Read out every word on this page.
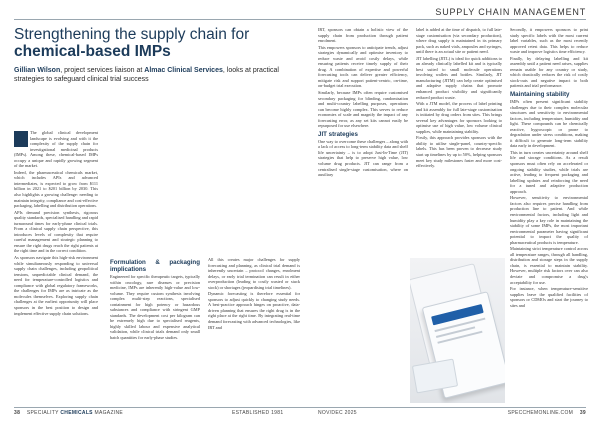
SUPPLY CHAIN MANAGEMENT
Strengthening the supply chain for
chemical-based IMPs
Gillian Wilson, project services liaison at Almac Clinical Services, looks at practical strategies to safeguard clinical trial success

The global clinical development landscape is evolving and with it the complexity of the supply chain for investigational medicinal products (IMPs). Among these, chemical-based IMPs occupy a unique and rapidly growing segment of the market.

Indeed, the pharmaceutical chemicals market, which includes APIs and advanced intermediates, is expected to grow from $111 billion in 2021 to $201 billion by 2030. This also highlights a growing challenge: needing to maintain integrity, compliance and cost-effective packaging, labelling and distribution operations.

APIs demand precision synthesis, rigorous quality standards, specialised handling and rapid turnaround times for early-phase clinical trials. From a clinical supply chain perspective, this introduces levels of complexity that require careful management and strategic planning to ensure the right drugs reach the right patients at the right time and in the correct condition.

As sponsors navigate this high-risk environment while simultaneously responding to universal supply chain challenges, including geopolitical tensions, unpredictable clinical demand, the need for temperature-controlled logistics and compliance with global regulatory frameworks, the challenges for IMPs are as intricate as the molecules themselves. Exploring supply chain challenges at the earliest opportunity will place sponsors in the best position to design and implement effective supply chain solutions.

Formulation & packaging implications

Engineered for specific therapeutic targets, typically within oncology, rare diseases or precision medicine, IMPs are inherently high-value and low-volume. They require custom synthesis involving complex multi-step reactions, specialised containment for high potency or hazardous substances and compliance with stringent GMP standards. The development cost per kilogram can be extremely high due to specialised reagents, highly skilled labour and expensive analytical validation, while clinical trials demand only small batch quantities for early-phase studies.

All this creates major challenges for supply forecasting and planning, as clinical trial demand is inherently uncertain – protocol changes, enrolment delays, or early trial termination can result in either overproduction (leading to costly wasted or stuck stock) or shortages (jeopardising trial timelines).

Dynamic forecasting is therefore essential for sponsors to adjust quickly to changing study needs. A best-practice approach hinges on proactive, data-driven planning that ensures the right drug is in the right place at the right time. By integrating real-time demand forecasting with advanced technologies, like IRT and

IRT, sponsors can obtain a holistic view of the supply chain from production through patient enrolment.

This empowers sponsors to anticipate trends, adjust strategies dynamically and optimise inventory to reduce waste and avoid costly delays, while ensuring patients receive timely supply of their drug. A combination of expertise and powerful forecasting tools can deliver greater efficiency, mitigate risk and support patient-centric, on-time, on-budget trial execution.

Similarly, because IMPs often require customised secondary packaging for blinding, randomisation and multi-country labelling purposes, operations can become highly complex. This serves to reduce economies of scale and magnify the impact of any forecasting error, as any set kits cannot easily be repurposed for use elsewhere.

JIT strategies

One way to overcome these challenges – along with a lack of access to long-term stability data and shelf life uncertainty – is to adopt Just-In-Time (JIT) strategies that help to preserve high value, low volume drug products. JIT can range from a centralised single-stage customisation, where on auxiliary

label is added at the time of dispatch, to full late-stage customisation (via secondary production), where drug supply is maintained in its primary pack, such as naked vials, ampoules and syringes, until there is an actual site or patient need.

JIT labelling (JITL) is ideal for quick additions to an already clinically labelled kit and is typically best suited to small molecule operations involving wallets and bottles. Similarly, JIT manufacturing (JITM) can help create optimised and adaptive supply chains that promote enhanced product visibility and significantly reduced product waste.

With a JTM model, the process of label printing and kit assembly for full late-stage customisation is initiated by drug orders from sites. This brings several key advantages for sponsors looking to optimise use of high value, low volume clinical supplies, while maintaining stability.

Firstly, this approach provides sponsors with the ability to utilise single-panel, country-specific labels. This has been proven to decrease study start up timelines by up to 50%, helping sponsors meet key study milestones faster and more cost-effectively.

Secondly, it empowers sponsors to print study specific labels with the most current label variables, such as the most recently approved retest data. This helps to reduce waste and improve logistics time efficiency.

Finally, by delaying labelling and kit assembly until a patient need arises, supplies remain usable for any country or study, which drastically reduces the risk of costly stock-outs and negative impact to both patients and trial performance.

Maintaining stability

IMPs often present significant stability challenges due to their complex molecular structures and sensitivity to environmental factors, including temperature, humidity and light. These compounds can be chemically reactive, hygroscopic or prone to degradation under stress conditions, making it difficult to generate long-term stability data early in development.

This in turn creates uncertainty around shelf life and storage conditions. As a result sponsors must often rely on accelerated or ongoing stability studies, while trials are active, leading to frequent packaging and labelling updates and reinforcing the need for a tuned and adaptive production approach.

However, sensitivity to environmental factors also requires precise handling from production line to patient. And while environmental factors, including light and humidity play a key role in maintaining the stability of some IMPs, the most important environmental parameter having significant potential to impact the quality of pharmaceutical products is temperature.

Maintaining strict temperature control across all temperature ranges, through all handling, distribution and storage steps in the supply chain, is essential to maintain stability. However, multiple risk factors over can also deviate and compromise a drug's acceptability for use.

For instance, when temperature-sensitive supplies leave the qualified facilities of sponsors or CDMOs and start the journey to sites and

38 SPECIALITY CHEMICALS MAGAZINE	ESTABLISHED 1981	NOV/DEC 2025	SPECCHEMONLINE.COM 39
